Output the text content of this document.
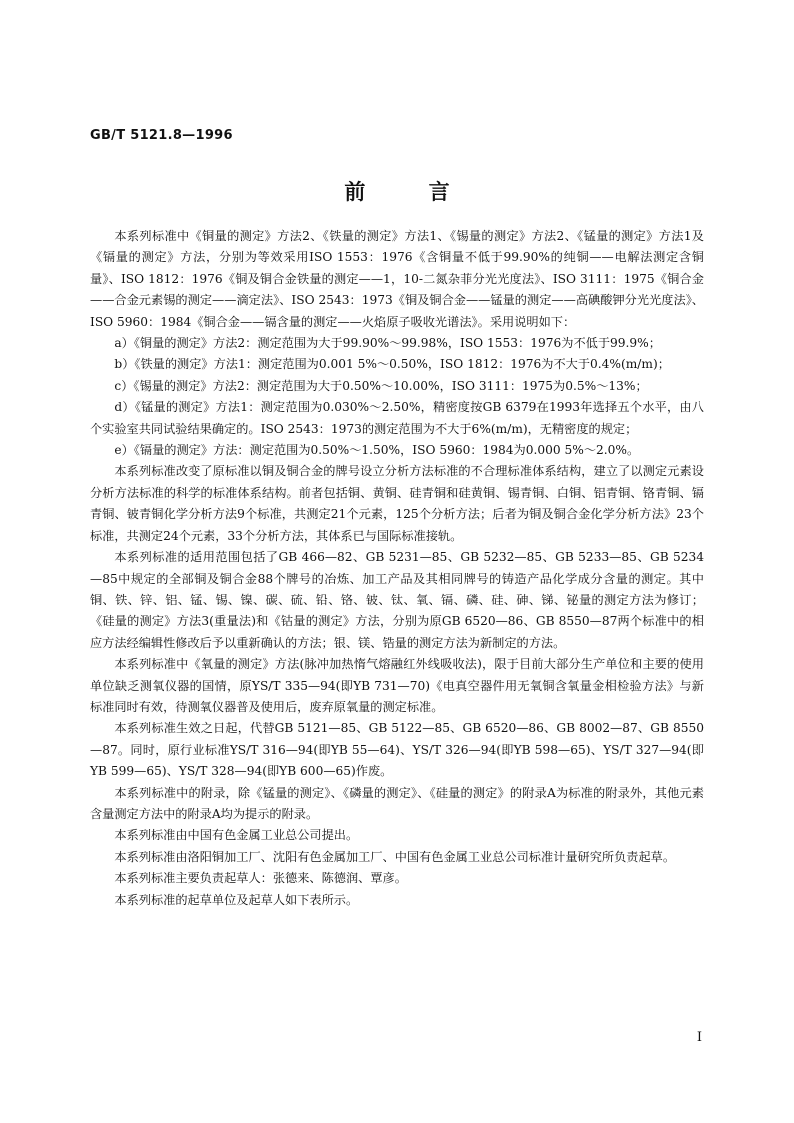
GB/T 5121.8—1996
前 言

本系列标准中《铜量的测定》方法2、《铁量的测定》方法1、《锡量的测定》方法2、《锰量的测定》方法1及《镉量的测定》方法，分别为等效采用ISO 1553：1976《含铜量不低于99.90%的纯铜——电解法测定含铜量》、ISO 1812：1976《铜及铜合金铁量的测定——1，10-二氮杂菲分光光度法》、ISO 3111：1975《铜合金——合金元素锡的测定——滴定法》、ISO 2543：1973《铜及铜合金——锰量的测定——高碘酸钾分光光度法》、ISO 5960：1984《铜合金——镉含量的测定——火焰原子吸收光谱法》。采用说明如下：

a）《铜量的测定》方法2：测定范围为大于99.90%～99.98%，ISO 1553：1976为不低于99.9%；

b）《铁量的测定》方法1：测定范围为0.001 5%～0.50%，ISO 1812：1976为不大于0.4%(m/m)；

c）《锡量的测定》方法2：测定范围为大于0.50%～10.00%，ISO 3111：1975为0.5%～13%；

d）《锰量的测定》方法1：测定范围为0.030%～2.50%，精密度按GB 6379在1993年选择五个水平，由八个实验室共同试验结果确定的。ISO 2543：1973的测定范围为不大于6%(m/m)，无精密度的规定；

e）《镉量的测定》方法：测定范围为0.50%～1.50%，ISO 5960：1984为0.000 5%～2.0%。

本系列标准改变了原标准以铜及铜合金的牌号设立分析方法标准的不合理标准体系结构，建立了以测定元素设分析方法标准的科学的标准体系结构。前者包括铜、黄铜、硅青铜和硅黄铜、锡青铜、白铜、铝青铜、铬青铜、镉青铜、铍青铜化学分析方法9个标准，共测定21个元素，125个分析方法；后者为铜及铜合金化学分析方法》23个标准，共测定24个元素，33个分析方法，其体系已与国际标准接轨。

本系列标准的适用范围包括了GB 466—82、GB 5231—85、GB 5232—85、GB 5233—85、GB 5234—85中规定的全部铜及铜合金88个牌号的冶炼、加工产品及其相同牌号的铸造产品化学成分含量的测定。其中铜、铁、锌、铝、锰、锡、镍、碳、硫、铅、铬、铍、钛、氧、镉、磷、硅、砷、锑、铋量的测定方法为修订；《硅量的测定》方法3(重量法)和《钴量的测定》方法，分别为原GB 6520—86、GB 8550—87两个标准中的相应方法经编辑性修改后予以重新确认的方法；银、镁、锆量的测定方法为新制定的方法。

本系列标准中《氧量的测定》方法(脉冲加热惰气熔融红外线吸收法)，限于目前大部分生产单位和主要的使用单位缺乏测氧仪器的国情，原YS/T 335—94(即YB 731—70)《电真空器件用无氧铜含氧量金相检验方法》与新标准同时有效，待测氧仪器普及使用后，废弃原氧量的测定标准。

本系列标准生效之日起，代替GB 5121—85、GB 5122—85、GB 6520—86、GB 8002—87、GB 8550—87。同时，原行业标准YS/T 316—94(即YB 55—64)、YS/T 326—94(即YB 598—65)、YS/T 327—94(即YB 599—65)、YS/T 328—94(即YB 600—65)作废。

本系列标准中的附录，除《锰量的测定》、《磷量的测定》、《硅量的测定》的附录A为标准的附录外，其他元素含量测定方法中的附录A均为提示的附录。

本系列标准由中国有色金属工业总公司提出。

本系列标准由洛阳铜加工厂、沈阳有色金属加工厂、中国有色金属工业总公司标准计量研究所负责起草。

本系列标准主要负责起草人：张德来、陈德润、覃彦。

本系列标准的起草单位及起草人如下表所示。

I
